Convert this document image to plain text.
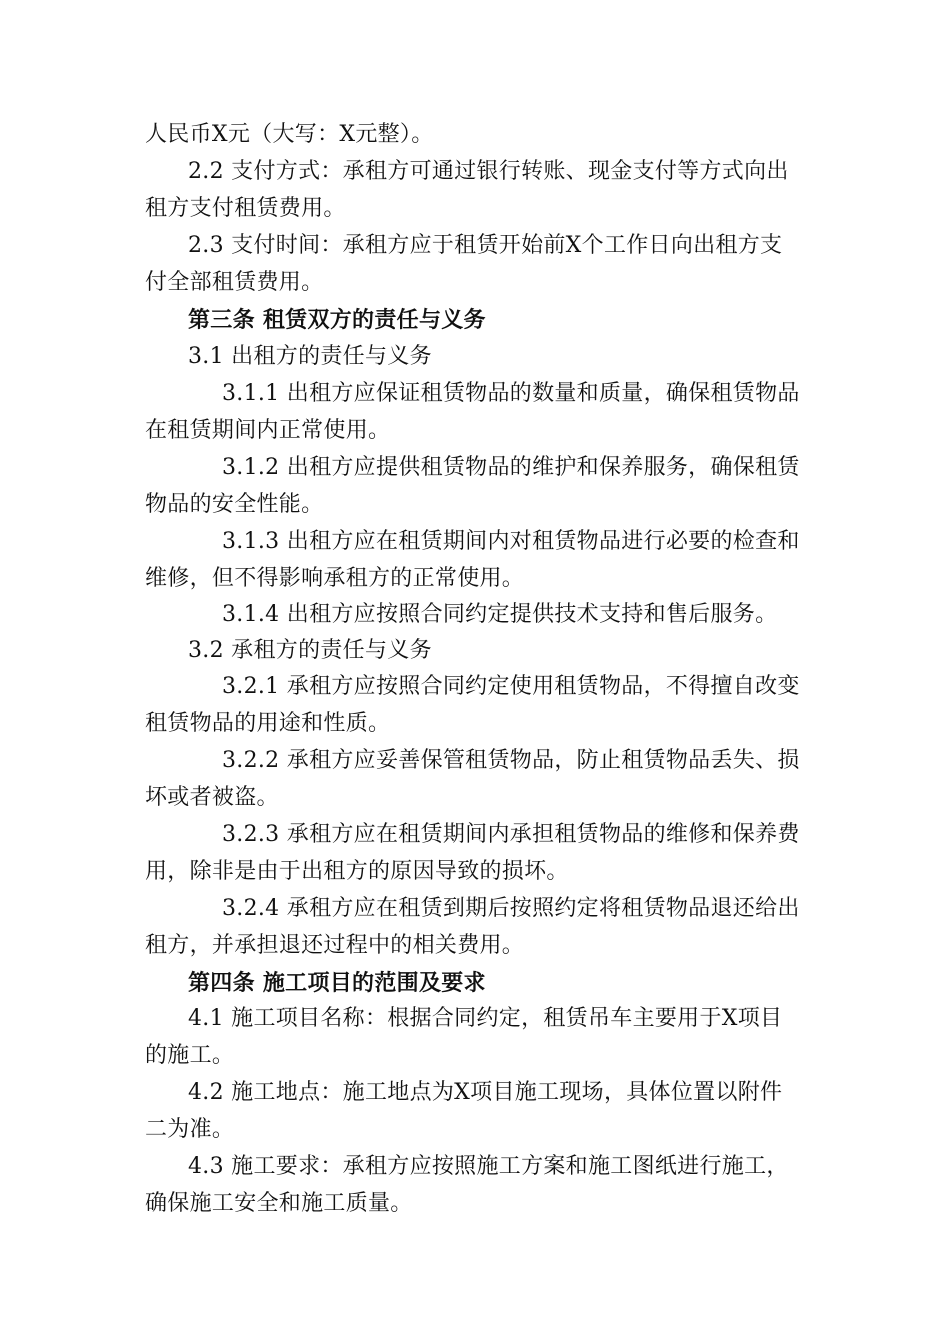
人民币X元（大写：X元整）。
2.2 支付方式：承租方可通过银行转账、现金支付等方式向出
租方支付租赁费用。
2.3 支付时间：承租方应于租赁开始前X个工作日向出租方支
付全部租赁费用。
第三条 租赁双方的责任与义务
3.1 出租方的责任与义务
3.1.1 出租方应保证租赁物品的数量和质量，确保租赁物品
在租赁期间内正常使用。
3.1.2 出租方应提供租赁物品的维护和保养服务，确保租赁
物品的安全性能。
3.1.3 出租方应在租赁期间内对租赁物品进行必要的检查和
维修，但不得影响承租方的正常使用。
3.1.4 出租方应按照合同约定提供技术支持和售后服务。
3.2 承租方的责任与义务
3.2.1 承租方应按照合同约定使用租赁物品，不得擅自改变
租赁物品的用途和性质。
3.2.2 承租方应妥善保管租赁物品，防止租赁物品丢失、损
坏或者被盗。
3.2.3 承租方应在租赁期间内承担租赁物品的维修和保养费
用，除非是由于出租方的原因导致的损坏。
3.2.4 承租方应在租赁到期后按照约定将租赁物品退还给出
租方，并承担退还过程中的相关费用。
第四条 施工项目的范围及要求
4.1 施工项目名称：根据合同约定，租赁吊车主要用于X项目
的施工。
4.2 施工地点：施工地点为X项目施工现场，具体位置以附件
二为准。
4.3 施工要求：承租方应按照施工方案和施工图纸进行施工，
确保施工安全和施工质量。
